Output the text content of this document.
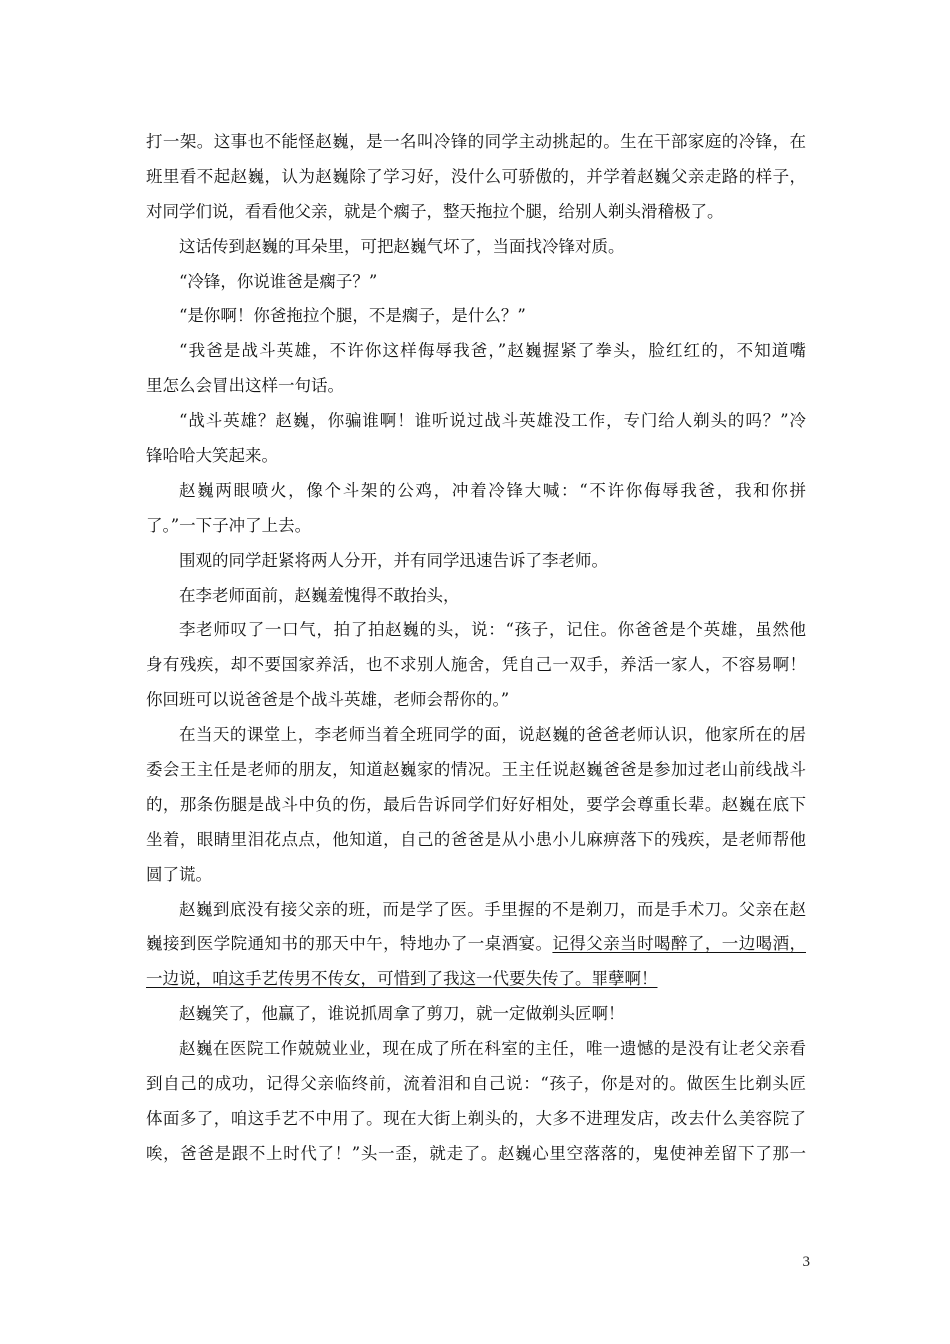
打一架。这事也不能怪赵巍，是一名叫冷锋的同学主动挑起的。生在干部家庭的冷锋，在
班里看不起赵巍，认为赵巍除了学习好，没什么可骄傲的，并学着赵巍父亲走路的样子，
对同学们说，看看他父亲，就是个瘸子，整天拖拉个腿，给别人剃头滑稽极了。
这话传到赵巍的耳朵里，可把赵巍气坏了，当面找冷锋对质。
“冷锋，你说谁爸是瘸子？”
“是你啊！你爸拖拉个腿，不是瘸子，是什么？”
“我爸是战斗英雄，不许你这样侮辱我爸，”赵巍握紧了拳头，脸红红的，不知道嘴
里怎么会冒出这样一句话。
“战斗英雄？赵巍，你骗谁啊！谁听说过战斗英雄没工作，专门给人剃头的吗？”冷
锋哈哈大笑起来。
赵巍两眼喷火，像个斗架的公鸡，冲着冷锋大喊：“不许你侮辱我爸，我和你拼
了。”一下子冲了上去。
围观的同学赶紧将两人分开，并有同学迅速告诉了李老师。
在李老师面前，赵巍羞愧得不敢抬头，
李老师叹了一口气，拍了拍赵巍的头，说：“孩子，记住。你爸爸是个英雄，虽然他
身有残疾，却不要国家养活，也不求别人施舍，凭自己一双手，养活一家人，不容易啊！
你回班可以说爸爸是个战斗英雄，老师会帮你的。”
在当天的课堂上，李老师当着全班同学的面，说赵巍的爸爸老师认识，他家所在的居
委会王主任是老师的朋友，知道赵巍家的情况。王主任说赵巍爸爸是参加过老山前线战斗
的，那条伤腿是战斗中负的伤，最后告诉同学们好好相处，要学会尊重长辈。赵巍在底下
坐着，眼睛里泪花点点，他知道，自己的爸爸是从小患小儿麻痹落下的残疾，是老师帮他
圆了谎。
赵巍到底没有接父亲的班，而是学了医。手里握的不是剃刀，而是手术刀。父亲在赵
巍接到医学院通知书的那天中午，特地办了一桌酒宴。记得父亲当时喝醉了，一边喝酒，
一边说，咱这手艺传男不传女，可惜到了我这一代要失传了。罪孽啊！
赵巍笑了，他赢了，谁说抓周拿了剪刀，就一定做剃头匠啊！
赵巍在医院工作兢兢业业，现在成了所在科室的主任，唯一遗憾的是没有让老父亲看
到自己的成功，记得父亲临终前，流着泪和自己说：“孩子，你是对的。做医生比剃头匠
体面多了，咱这手艺不中用了。现在大街上剃头的，大多不进理发店，改去什么美容院了
唉，爸爸是跟不上时代了！”头一歪，就走了。赵巍心里空落落的，鬼使神差留下了那一
3
